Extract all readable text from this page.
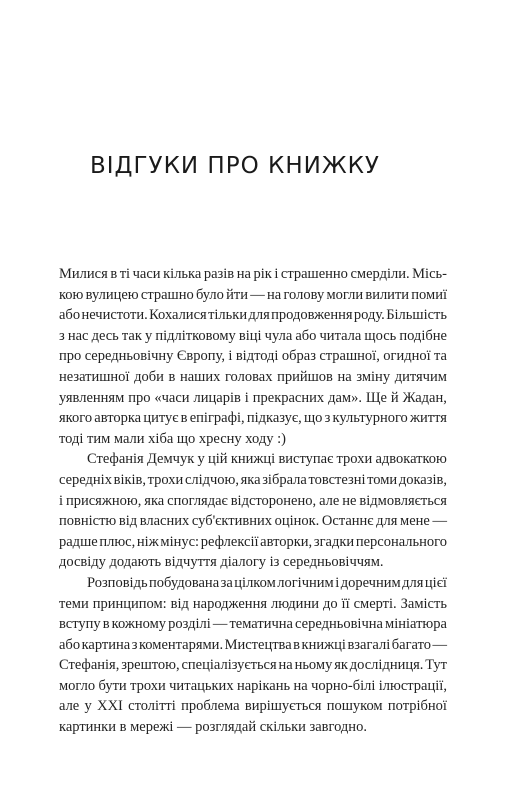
ВІДГУКИ ПРО КНИЖКУ
Милися в ті часи кілька разів на рік і страшенно смерділи. Місь-
кою вулицею страшно було йти — на голову могли вилити помиї
або нечистоти. Кохалися тільки для продовження роду. Більшість
з нас десь так у підлітковому віці чула або читала щось подібне
про середньовічну Європу, і відтоді образ страшної, огидної та
незатишної доби в наших головах прийшов на зміну дитячим
уявленням про «часи лицарів і прекрасних дам». Ще й Жадан,
якого авторка цитує в епіграфі, підказує, що з культурного життя
тоді тим мали хіба що хресну ходу :)
Стефанія Демчук у цій книжці виступає трохи адвокаткою
середніх віків, трохи слідчою, яка зібрала товстезні томи доказів,
і присяжною, яка споглядає відсторонено, але не відмовляється
повністю від власних суб'єктивних оцінок. Останнє для мене —
радше плюс, ніж мінус: рефлексії авторки, згадки персонального
досвіду додають відчуття діалогу із середньовіччям.
Розповідь побудована за цілком логічним і доречним для цієї
теми принципом: від народження людини до її смерті. Замість
вступу в кожному розділі — тематична середньовічна мініатюра
або картина з коментарями. Мистецтва в книжці взагалі багато —
Стефанія, зрештою, спеціалізується на ньому як дослідниця. Тут
могло бути трохи читацьких нарікань на чорно-білі ілюстрації,
але у XXI столітті проблема вирішується пошуком потрібної
картинки в мережі — розглядай скільки завгодно.
